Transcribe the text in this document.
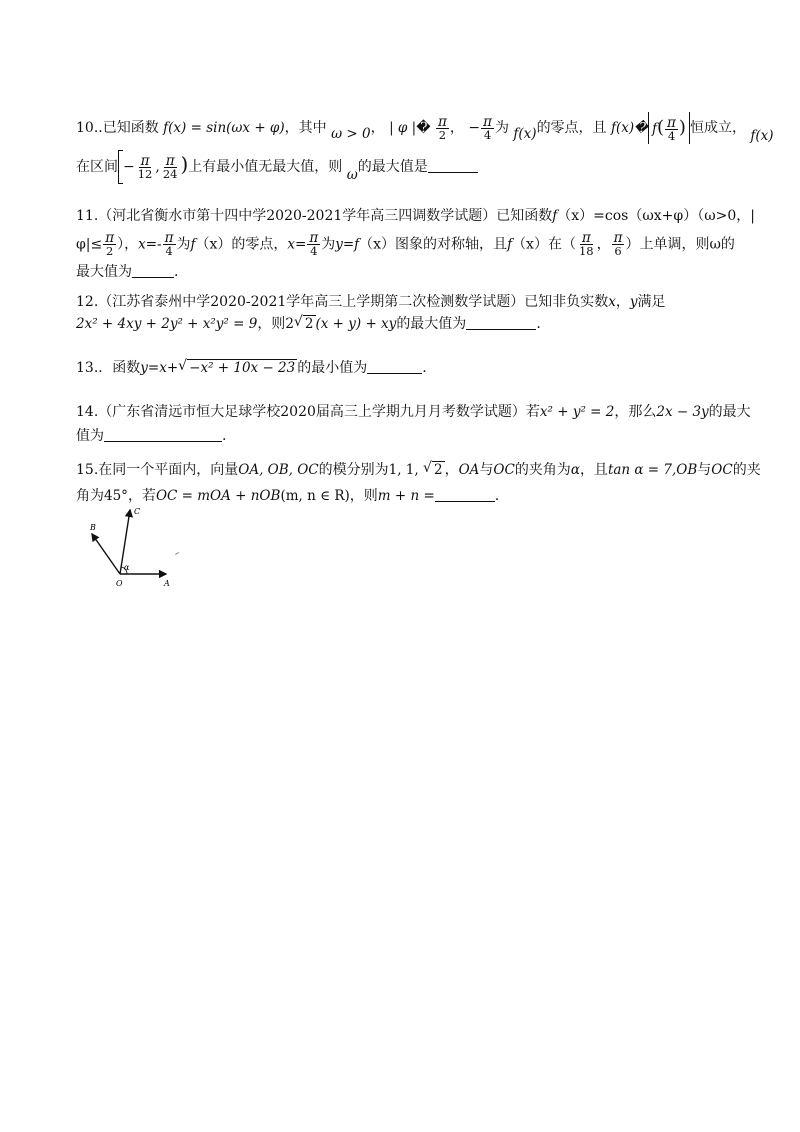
10..已知函数 f(x) = sin(ωx + φ)，其中 ω > 0， | φ |� $\frac{\pi}{2}$ ， − $\frac{\pi}{4}$ 为 f(x)的零点，且 f(x)� $f( \frac{\pi}{4}$ ) 恒成立， f(x)
在区间 − $\frac{\pi}{12}$ , $\frac{\pi}{24}$ )上有最小值无最大值，则 ω的最大值是
11.（河北省衡水市第十四中学2020-2021学年高三四调数学试题）已知函数f（x）=cos（ωx+φ）（ω>0，|
$\varphi|\le \frac{\pi}{2}$ ），$x=- \frac{\pi}{4}$ 为f（x）的零点，$x= \frac{\pi}{4}$ 为y=f（x）图象的对称轴，且f（x）在（ $\frac{\pi}{18}$ ， $\frac{\pi}{6}$ ）上单调，则ω的
最大值为	.
12.（江苏省泰州中学2020-2021学年高三上学期第二次检测数学试题）已知非负实数x，y满足
2x² + 4xy + 2y² + x²y² = 9，则2 √ 2 (x + y) + xy的最大值为	.
13.．函数y=x+ √ −x² + 10x − 23 的最小值为	.
14.（广东省清远市恒大足球学校2020届高三上学期九月月考数学试题）若x² + y² = 2，那么2x − 3y的最大
值为	.
15.在同一个平面内，向量OA, OB, OC的模分别为1, 1, √ 2 ，OA与OC的夹角为α，且tan α = 7,OB与OC的夹
角为45°，若OC = mOA + nOB(m, n ∈ R)，则m + n =	.
C
B
O	A
α
